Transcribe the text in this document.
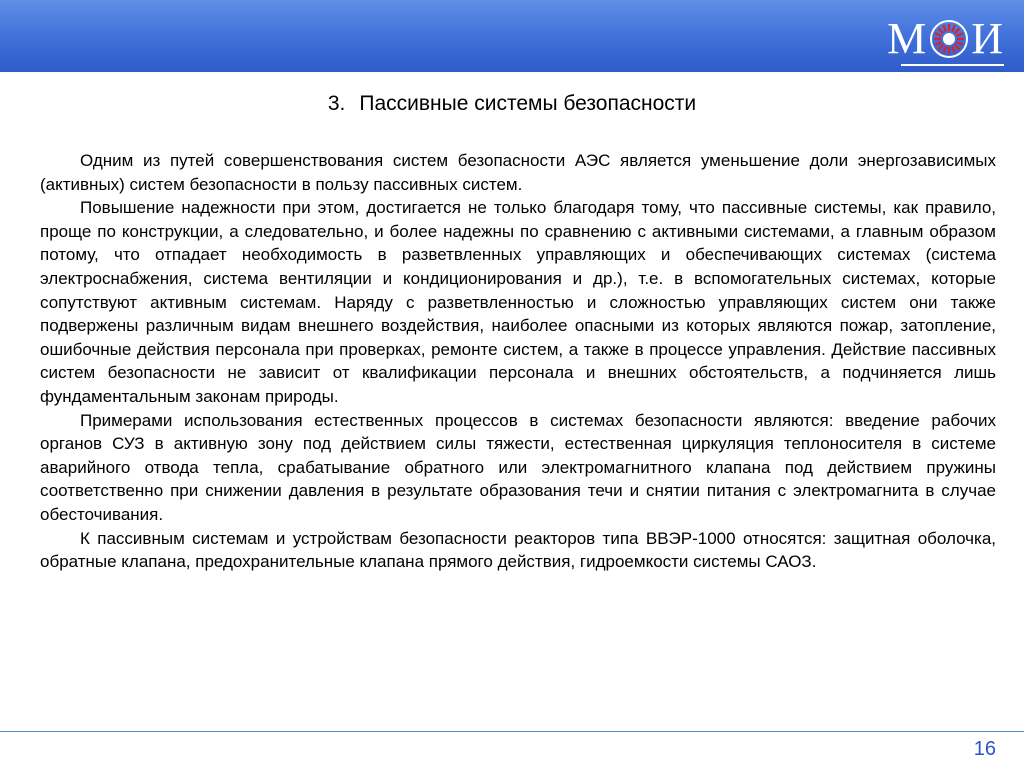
М И
3. Пассивные системы безопасности

Одним из путей совершенствования систем безопасности АЭС является уменьшение доли энергозависимых (активных) систем безопасности в пользу пассивных систем.

Повышение надежности при этом, достигается не только благодаря тому, что пассивные системы, как правило, проще по конструкции, а следовательно, и более надежны по сравнению с активными системами, а главным образом потому, что отпадает необходимость в разветвленных управляющих и обеспечивающих системах (система электроснабжения, система вентиляции и кондиционирования и др.), т.е. в вспомогательных системах, которые сопутствуют активным системам. Наряду с разветвленностью и сложностью управляющих систем они также подвержены различным видам внешнего воздействия, наиболее опасными из которых являются пожар, затопление, ошибочные действия персонала при проверках, ремонте систем, а также в процессе управления. Действие пассивных систем безопасности не зависит от квалификации персонала и внешних обстоятельств, а подчиняется лишь фундаментальным законам природы.

Примерами использования естественных процессов в системах безопасности являются: введение рабочих органов СУЗ в активную зону под действием силы тяжести, естественная циркуляция теплоносителя в системе аварийного отвода тепла, срабатывание обратного или электромагнитного клапана под действием пружины соответственно при снижении давления в результате образования течи и снятии питания с электромагнита в случае обесточивания.

К пассивным системам и устройствам безопасности реакторов типа ВВЭР-1000 относятся: защитная оболочка, обратные клапана, предохранительные клапана прямого действия, гидроемкости системы САОЗ.

16
